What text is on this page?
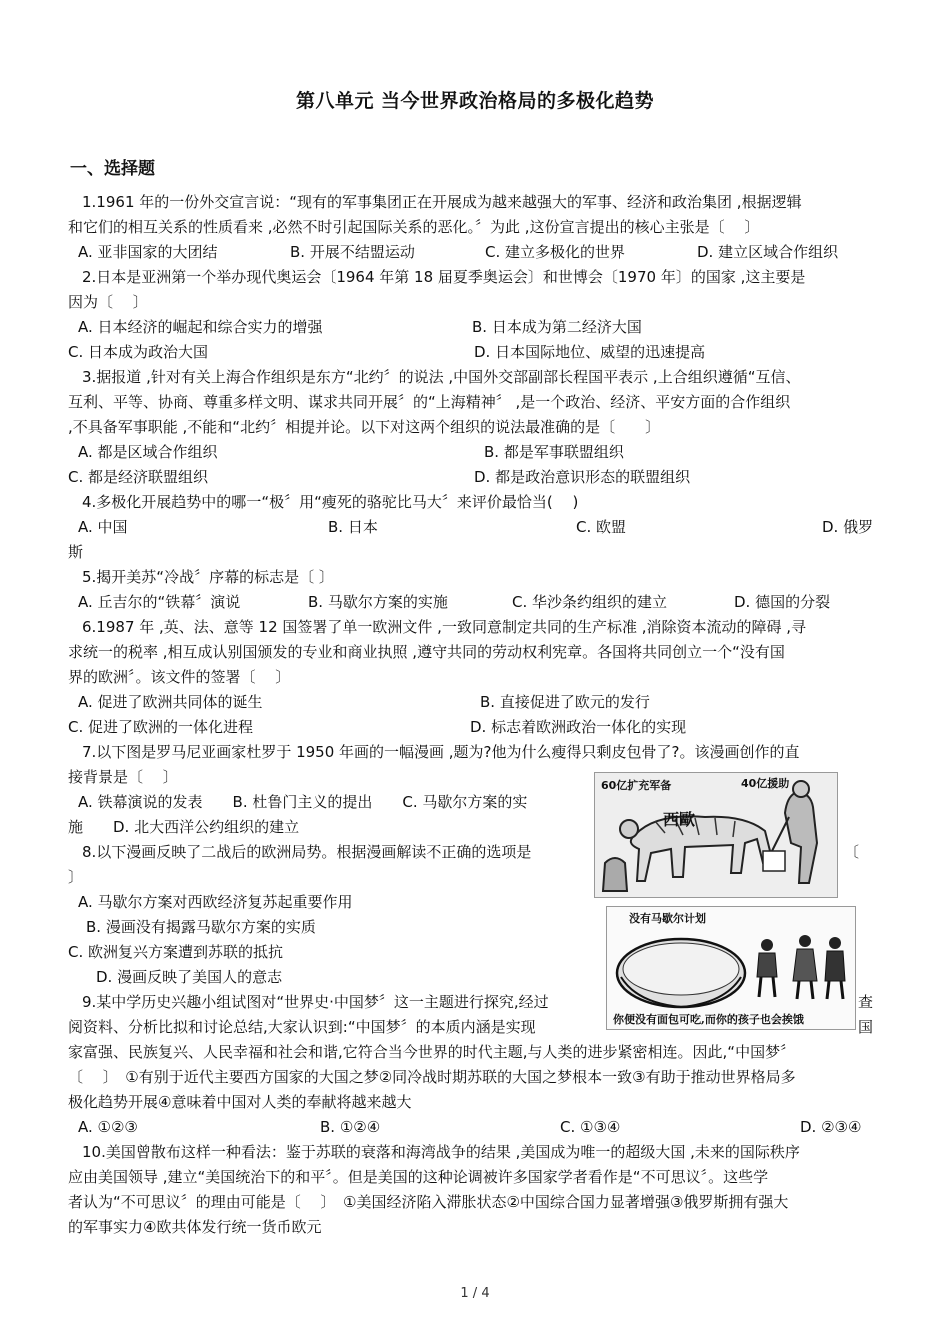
第八单元 当今世界政治格局的多极化趋势
一、选择题
1.1961 年的一份外交宣言说：“现有的军事集团正在开展成为越来越强大的军事、经济和政治集团 ,根据逻辑
和它们的相互关系的性质看来 ,必然不时引起国际关系的恶化。〞为此 ,这份宣言提出的核心主张是〔　 〕
A. 亚非国家的大团结	B. 开展不结盟运动	C. 建立多极化的世界	D. 建立区域合作组织
2.日本是亚洲第一个举办现代奥运会〔1964 年第 18 届夏季奥运会〕和世博会〔1970 年〕的国家 ,这主要是
因为〔　 〕
A. 日本经济的崛起和综合实力的增强	B. 日本成为第二经济大国
C. 日本成为政治大国	D. 日本国际地位、威望的迅速提高
3.据报道 ,针对有关上海合作组织是东方“北约〞的说法 ,中国外交部副部长程国平表示 ,上合组织遵循“互信、
互利、平等、协商、尊重多样文明、谋求共同开展〞的“上海精神〞 ,是一个政治、经济、平安方面的合作组织
,不具备军事职能 ,不能和“北约〞相提并论。以下对这两个组织的说法最准确的是〔　　〕
A. 都是区域合作组织	B. 都是军事联盟组织
C. 都是经济联盟组织	D. 都是政治意识形态的联盟组织
4.多极化开展趋势中的哪一“极〞用“瘦死的骆驼比马大〞来评价最恰当(　 )
A. 中国	B. 日本	C. 欧盟	D. 俄罗
斯
5.揭开美苏“冷战〞序幕的标志是〔 〕
A. 丘吉尔的“铁幕〞演说	B. 马歇尔方案的实施	C. 华沙条约组织的建立	D. 德国的分裂
6.1987 年 ,英、法、意等 12 国签署了单一欧洲文件 ,一致同意制定共同的生产标准 ,消除资本流动的障碍 ,寻
求统一的税率 ,相互成认别国颁发的专业和商业执照 ,遵守共同的劳动权利宪章。各国将共同创立一个“没有国
界的欧洲〞。该文件的签署〔　 〕
A. 促进了欧洲共同体的诞生	B. 直接促进了欧元的发行
C. 促进了欧洲的一体化进程	D. 标志着欧洲政治一体化的实现
7.以下图是罗马尼亚画家杜罗于 1950 年画的一幅漫画 ,题为?他为什么瘦得只剩皮包骨了?。该漫画创作的直
接背景是〔　 〕
A. 铁幕演说的发表　　B. 杜鲁门主义的提出　　C. 马歇尔方案的实
施　　D. 北大西洋公约组织的建立
60亿扩充军备	40亿援助
西歐
8.以下漫画反映了二战后的欧洲局势。根据漫画解读不正确的选项是	〔
〕
A. 马歇尔方案对西欧经济复苏起重要作用
B. 漫画没有揭露马歇尔方案的实质
C. 欧洲复兴方案遭到苏联的抵抗
D. 漫画反映了美国人的意志
没有马歇尔计划
你便没有面包可吃,而你的孩子也会挨饿
9.某中学历史兴趣小组试图对“世界史·中国梦〞这一主题进行探究,经过	查
阅资料、分析比拟和讨论总结,大家认识到:“中国梦〞的本质内涵是实现	国
家富强、民族复兴、人民幸福和社会和谐,它符合当今世界的时代主题,与人类的进步紧密相连。因此,“中国梦〞
〔　 〕　①有别于近代主要西方国家的大国之梦②同冷战时期苏联的大国之梦根本一致③有助于推动世界格局多
极化趋势开展④意味着中国对人类的奉献将越来越大
A. ①②③	B. ①②④	C. ①③④	D. ②③④
10.美国曾散布这样一种看法：鉴于苏联的衰落和海湾战争的结果 ,美国成为唯一的超级大国 ,未来的国际秩序
应由美国领导 ,建立“美国统治下的和平〞。但是美国的这种论调被许多国家学者看作是“不可思议〞。这些学
者认为“不可思议〞的理由可能是〔　 〕　①美国经济陷入滞胀状态②中国综合国力显著增强③俄罗斯拥有强大
的军事实力④欧共体发行统一货币欧元
1 / 4
